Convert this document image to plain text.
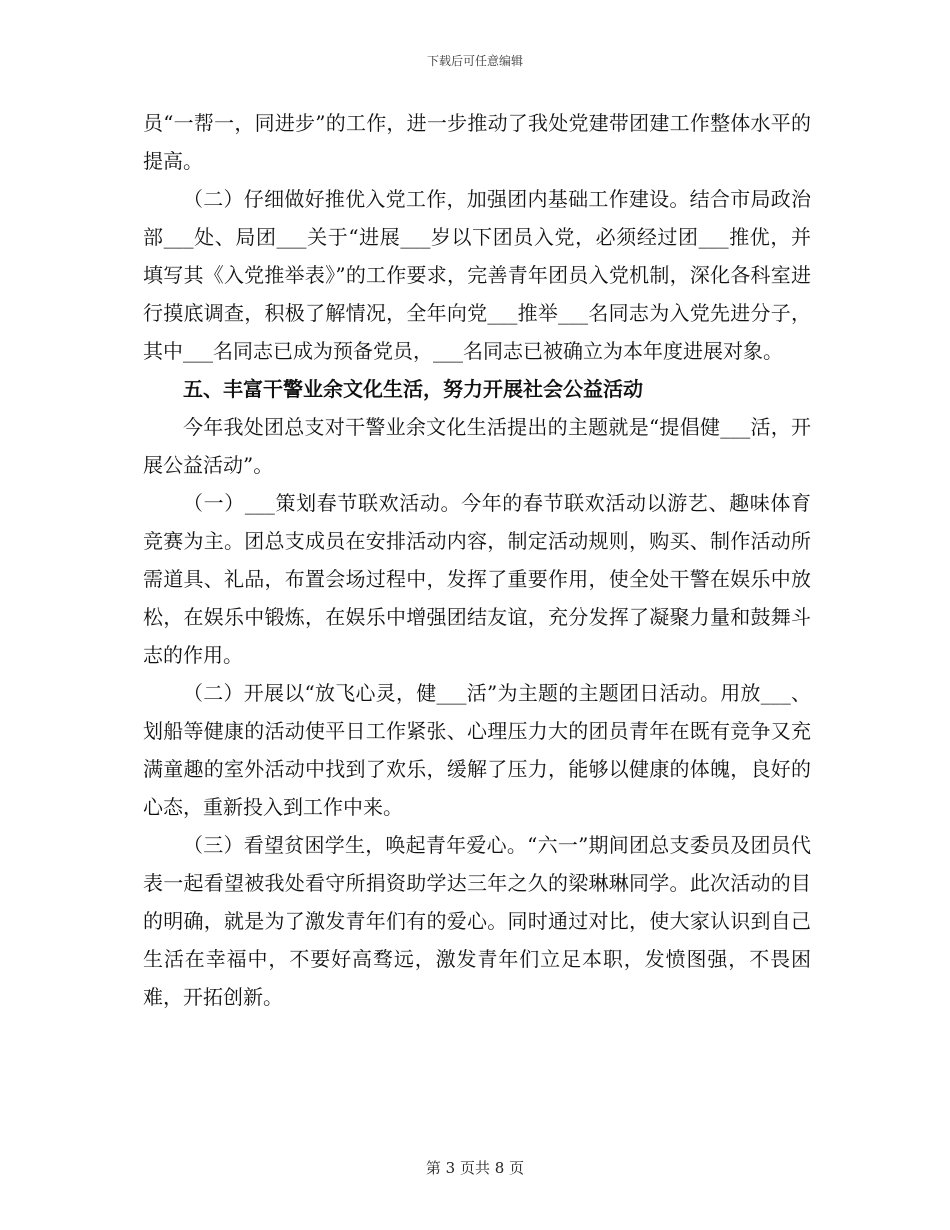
下载后可任意编辑

员“一帮一，同进步”的工作，进一步推动了我处党建带团建工作整体水平的提高。

（二）仔细做好推优入党工作，加强团内基础工作建设。结合市局政治部___处、局团___关于“进展___岁以下团员入党，必须经过团___推优，并填写其《入党推举表》”的工作要求，完善青年团员入党机制，深化各科室进行摸底调查，积极了解情况，全年向党___推举___名同志为入党先进分子，其中___名同志已成为预备党员，___名同志已被确立为本年度进展对象。

五、丰富干警业余文化生活，努力开展社会公益活动

今年我处团总支对干警业余文化生活提出的主题就是“提倡健___活，开展公益活动”。

（一）___策划春节联欢活动。今年的春节联欢活动以游艺、趣味体育竞赛为主。团总支成员在安排活动内容，制定活动规则，购买、制作活动所需道具、礼品，布置会场过程中，发挥了重要作用，使全处干警在娱乐中放松，在娱乐中锻炼，在娱乐中增强团结友谊，充分发挥了凝聚力量和鼓舞斗志的作用。

（二）开展以“放飞心灵，健___活”为主题的主题团日活动。用放___、划船等健康的活动使平日工作紧张、心理压力大的团员青年在既有竞争又充满童趣的室外活动中找到了欢乐，缓解了压力，能够以健康的体魄，良好的心态，重新投入到工作中来。

（三）看望贫困学生，唤起青年爱心。“六一”期间团总支委员及团员代表一起看望被我处看守所捐资助学达三年之久的梁琳琳同学。此次活动的目的明确，就是为了激发青年们有的爱心。同时通过对比，使大家认识到自己生活在幸福中，不要好高骛远，激发青年们立足本职，发愤图强，不畏困难，开拓创新。

第 3 页共 8 页
